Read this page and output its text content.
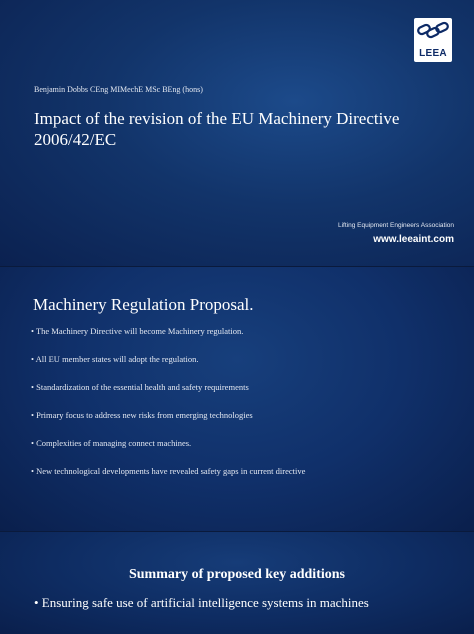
LEEA
Benjamin Dobbs CEng MIMechE MSc BEng (hons)
Impact of the revision of the EU Machinery Directive 2006/42/EC
Lifting Equipment Engineers Association
www.leeaint.com
Machinery Regulation Proposal.
• The Machinery Directive will become Machinery regulation.
• All EU member states will adopt the regulation.
• Standardization of the essential health and safety requirements
• Primary focus to address new risks from emerging technologies
• Complexities of managing connect machines.
• New technological developments have revealed safety gaps in current directive
Summary of proposed key additions
• Ensuring safe use of artificial intelligence systems in machines
